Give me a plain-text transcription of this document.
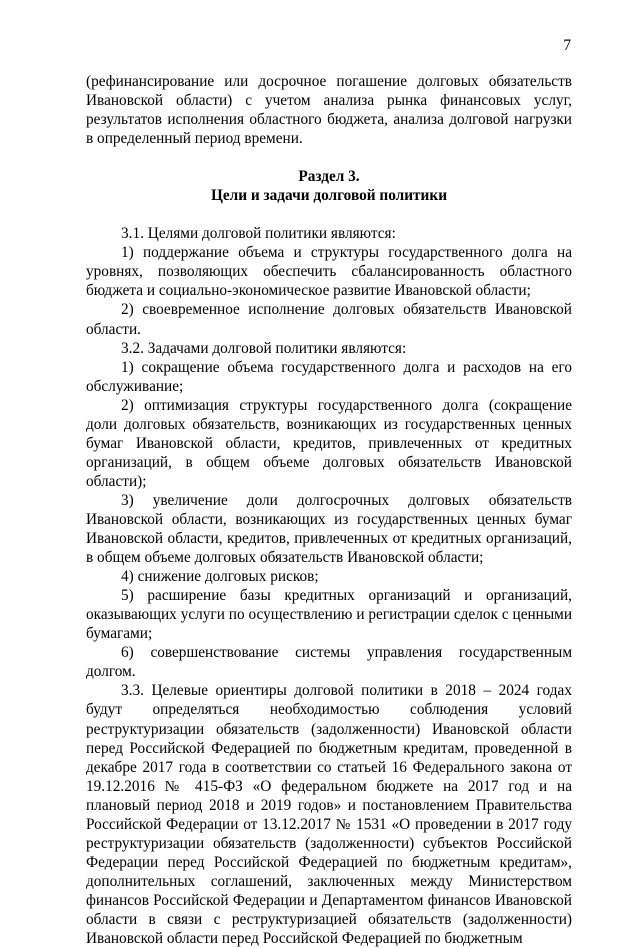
7

(рефинансирование или досрочное погашение долговых обязательств Ивановской области) с учетом анализа рынка финансовых услуг, результатов исполнения областного бюджета, анализа долговой нагрузки в определенный период времени.

Раздел 3.

Цели и задачи долговой политики

3.1. Целями долговой политики являются:

1) поддержание объема и структуры государственного долга на уровнях, позволяющих обеспечить сбалансированность областного бюджета и социально-экономическое развитие Ивановской области;

2) своевременное исполнение долговых обязательств Ивановской области.

3.2. Задачами долговой политики являются:

1) сокращение объема государственного долга и расходов на его обслуживание;

2) оптимизация структуры государственного долга (сокращение доли долговых обязательств, возникающих из государственных ценных бумаг Ивановской области, кредитов, привлеченных от кредитных организаций, в общем объеме долговых обязательств Ивановской области);

3) увеличение доли долгосрочных долговых обязательств Ивановской области, возникающих из государственных ценных бумаг Ивановской области, кредитов, привлеченных от кредитных организаций, в общем объеме долговых обязательств Ивановской области;

4) снижение долговых рисков;

5) расширение базы кредитных организаций и организаций, оказывающих услуги по осуществлению и регистрации сделок с ценными бумагами;

6) совершенствование системы управления государственным долгом.

3.3. Целевые ориентиры долговой политики в 2018 – 2024 годах будут определяться необходимостью соблюдения условий реструктуризации обязательств (задолженности) Ивановской области перед Российской Федерацией по бюджетным кредитам, проведенной в декабре 2017 года в соответствии со статьей 16 Федерального закона от 19.12.2016 № 415-ФЗ «О федеральном бюджете на 2017 год и на плановый период 2018 и 2019 годов» и постановлением Правительства Российской Федерации от 13.12.2017 № 1531 «О проведении в 2017 году реструктуризации обязательств (задолженности) субъектов Российской Федерации перед Российской Федерацией по бюджетным кредитам», дополнительных соглашений, заключенных между Министерством финансов Российской Федерации и Департаментом финансов Ивановской области в связи с реструктуризацией обязательств (задолженности) Ивановской области перед Российской Федерацией по бюджетным
